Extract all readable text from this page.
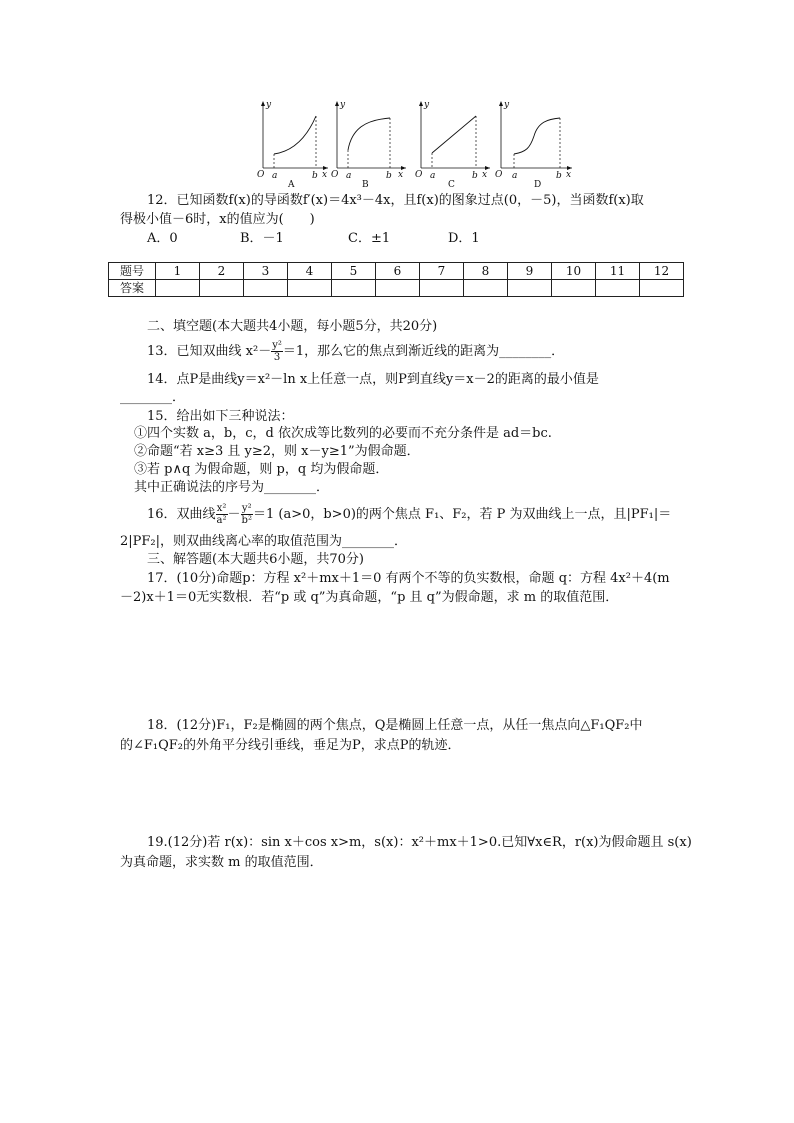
y
O a	b x
A
y
O a	b x
B
y
O a	b x
C
y
O a	b x
D
12．已知函数f(x)的导函数f′(x)＝4x³－4x，且f(x)的图象过点(0，－5)，当函数f(x)取
得极小值－6时，x的值应为(　　)
A．0	B．－1	C．±1	D．1
题号	1	2	3	4	5	6	7	8	9	10	11	12
答案												
二、填空题(本大题共4小题，每小题5分，共20分)
13．已知双曲线 $x^2- \frac{\text{y²}}{3} =1$，那么它的焦点到渐近线的距离为________．
14．点P是曲线y＝x²－ln x上任意一点，则P到直线y＝x－2的距离的最小值是
________．
15．给出如下三种说法：
①四个实数 a，b，c，d 依次成等比数列的必要而不充分条件是 ad＝bc.
②命题“若 x≥3 且 y≥2，则 x－y≥1”为假命题．
③若 p∧q 为假命题，则 p，q 均为假命题．
其中正确说法的序号为________．
16．双曲线 $\frac{\text{x²}}{\text{a²}} - \frac{\text{y²}}{\text{b²}} =1$ (a>0，b>0)的两个焦点 F₁、F₂，若 P 为双曲线上一点，且|PF₁|＝
2|PF₂|，则双曲线离心率的取值范围为________．
三、解答题(本大题共6小题，共70分)
17．(10分)命题p：方程 x²＋mx＋1＝0 有两个不等的负实数根，命题 q：方程 4x²＋4(m
－2)x＋1＝0无实数根．若“p 或 q”为真命题，“p 且 q”为假命题，求 m 的取值范围．
18．(12分)F₁，F₂是椭圆的两个焦点，Q是椭圆上任意一点，从任一焦点向△F₁QF₂中
的∠F₁QF₂的外角平分线引垂线，垂足为P，求点P的轨迹．
19.(12分)若 r(x)：sin x＋cos x>m，s(x)：x²＋mx＋1>0.已知∀x∈R，r(x)为假命题且 s(x)
为真命题，求实数 m 的取值范围．
